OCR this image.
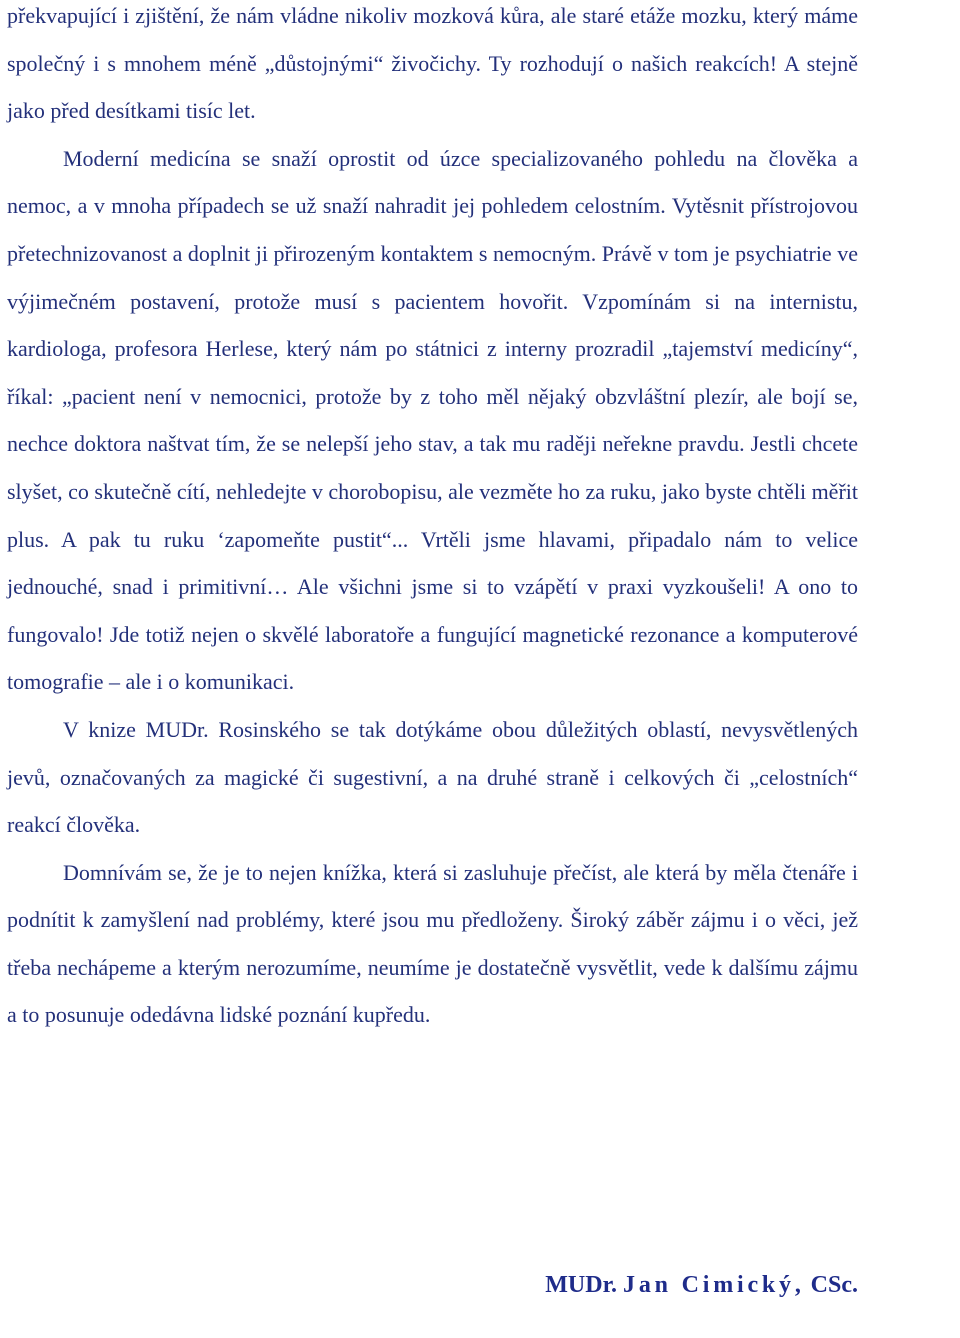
překvapující i zjištění, že nám vládne nikoliv mozková kůra, ale staré etáže mozku, který máme společný i s mnohem méně „důstojnými“ živočichy. Ty rozhodují o našich reakcích! A stejně jako před desítkami tisíc let.

Moderní medicína se snaží oprostit od úzce specializovaného pohledu na člověka a nemoc, a v mnoha případech se už snaží nahradit jej pohledem celostním. Vytěsnit přístrojovou přetechnizovanost a doplnit ji přirozeným kontaktem s nemocným. Právě v tom je psychiatrie ve výjimečném postavení, protože musí s pacientem hovořit. Vzpomínám si na internistu, kardiologa, profesora Herlese, který nám po státnici z interny prozradil „tajemství medicíny“, říkal: „pacient není v nemocnici, protože by z toho měl nějaký obzvláštní plezír, ale bojí se, nechce doktora naštvat tím, že se nelepší jeho stav, a tak mu raději neřekne pravdu. Jestli chcete slyšet, co skutečně cítí, nehledejte v chorobopisu, ale vezměte ho za ruku, jako byste chtěli měřit plus. A pak tu ruku ‘zapomeňte pustit“... Vrtěli jsme hlavami, připadalo nám to velice jednouché, snad i primitivní… Ale všichni jsme si to vzápětí v praxi vyzkoušeli! A ono to fungovalo! Jde totiž nejen o skvělé laboratoře a fungující magnetické rezonance a komputerové tomografie – ale i o komunikaci.

V knize MUDr. Rosinského se tak dotýkáme obou důležitých oblastí, nevysvětlených jevů, označovaných za magické či sugestivní, a na druhé straně i celkových či „celostních“ reakcí člověka.

Domnívám se, že je to nejen knížka, která si zasluhuje přečíst, ale která by měla čtenáře i podnítit k zamyšlení nad problémy, které jsou mu předloženy. Široký záběr zájmu i o věci, jež třeba nechápeme a kterým nerozumíme, neumíme je dostatečně vysvětlit, vede k dalšímu zájmu a to posunuje odedávna lidské poznání kupředu.

MUDr. Jan Cimický, CSc.
